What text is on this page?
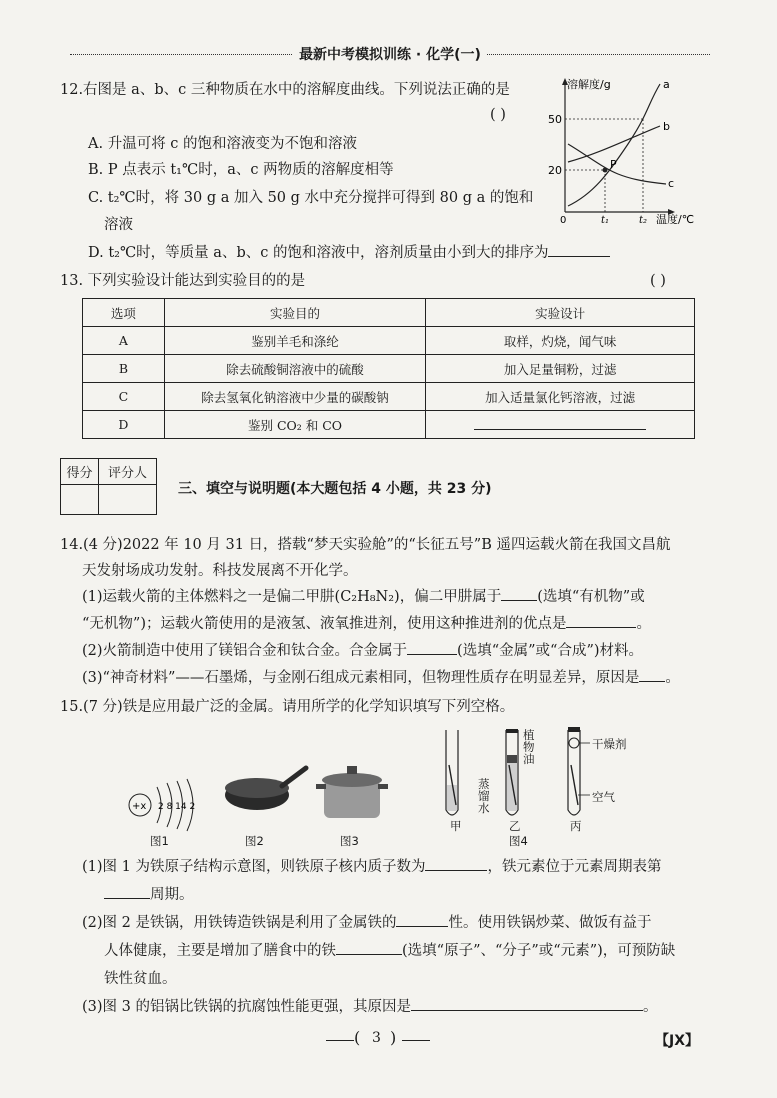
最新中考模拟训练 · 化学(一)
12.右图是 a、b、c 三种物质在水中的溶解度曲线。下列说法正确的是
( )
A. 升温可将 c 的饱和溶液变为不饱和溶液
B. P 点表示 t₁℃时，a、c 两物质的溶解度相等
C. t₂℃时，将 30 g a 加入 50 g 水中充分搅拌可得到 80 g a 的饱和
溶液
D. t₂℃时，等质量 a、b、c 的饱和溶液中，溶剂质量由小到大的排序为
溶解度/g
50
20
0	t₁	t₂ 温度/℃
a
b
c
P
13. 下列实验设计能达到实验目的的是	( )
选项	实验目的	实验设计
A	鉴别羊毛和涤纶	取样，灼烧，闻气味
B	除去硫酸铜溶液中的硫酸	加入足量铜粉，过滤
C	除去氢氧化钠溶液中少量的碳酸钠	加入适量氯化钙溶液，过滤
D	鉴别 CO₂ 和 CO	
得分	评分人

三、填空与说明题(本大题包括 4 小题，共 23 分)
14.(4 分)2022 年 10 月 31 日，搭载“梦天实验舱”的“长征五号”B 遥四运载火箭在我国文昌航
天发射场成功发射。科技发展离不开化学。
(1)运载火箭的主体燃料之一是偏二甲肼(C₂H₈N₂)，偏二甲肼属于 (选填“有机物”或
“无机物”)；运载火箭使用的是液氢、液氧推进剂，使用这种推进剂的优点是	。
(2)火箭制造中使用了镁铝合金和钛合金。合金属于	(选填“金属”或“合成”)材料。
(3)“神奇材料”——石墨烯，与金刚石组成元素相同，但物理性质存在明显差异，原因是 。
15.(7 分)铁是应用最广泛的金属。请用所学的化学知识填写下列空格。
+x 2 8 14 2
图1	图2	图3
植物油
蒸馏水
干燥剂
空气
甲	乙	丙
图4
(1)图 1 为铁原子结构示意图，则铁原子核内质子数为	，铁元素位于元素周期表第
周期。
(2)图 2 是铁锅，用铁铸造铁锅是利用了金属铁的	性。使用铁锅炒菜、做饭有益于
人体健康，主要是增加了膳食中的铁	(选填“原子”、“分子”或“元素”)，可预防缺
铁性贫血。
(3)图 3 的铝锅比铁锅的抗腐蚀性能更强，其原因是	。
( 3 )	【JX】
